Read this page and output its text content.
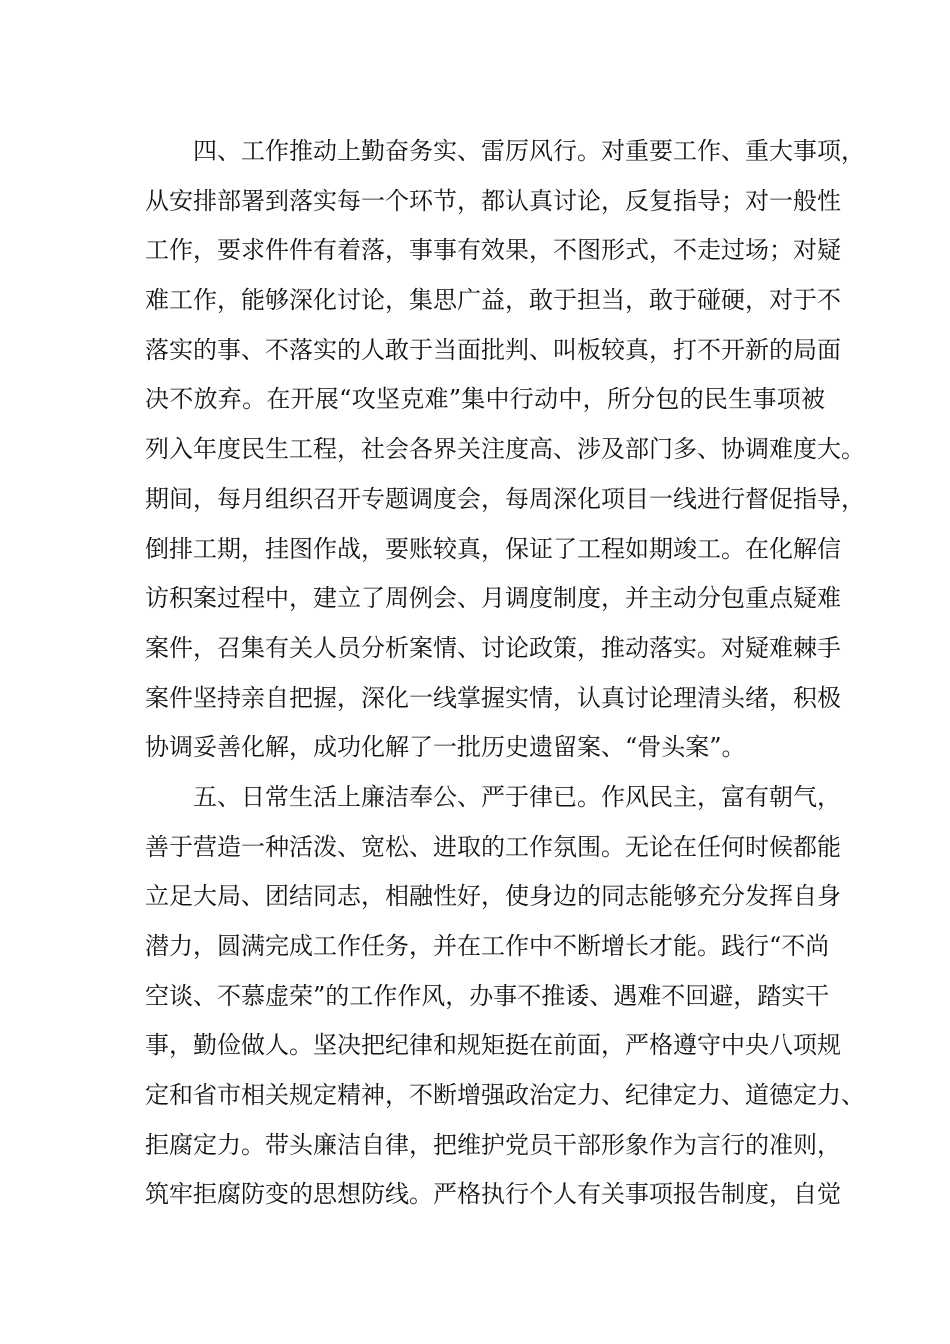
四、工作推动上勤奋务实、雷厉风行。对重要工作、重大事项，
从安排部署到落实每一个环节，都认真讨论，反复指导；对一般性
工作，要求件件有着落，事事有效果，不图形式，不走过场；对疑
难工作，能够深化讨论，集思广益，敢于担当，敢于碰硬，对于不
落实的事、不落实的人敢于当面批判、叫板较真，打不开新的局面
决不放弃。在开展“攻坚克难”集中行动中，所分包的民生事项被
列入年度民生工程，社会各界关注度高、涉及部门多、协调难度大。
期间，每月组织召开专题调度会，每周深化项目一线进行督促指导，
倒排工期，挂图作战，要账较真，保证了工程如期竣工。在化解信
访积案过程中，建立了周例会、月调度制度，并主动分包重点疑难
案件，召集有关人员分析案情、讨论政策，推动落实。对疑难棘手
案件坚持亲自把握，深化一线掌握实情，认真讨论理清头绪，积极
协调妥善化解，成功化解了一批历史遗留案、“骨头案”。
五、日常生活上廉洁奉公、严于律已。作风民主，富有朝气，
善于营造一种活泼、宽松、进取的工作氛围。无论在任何时候都能
立足大局、团结同志，相融性好，使身边的同志能够充分发挥自身
潜力，圆满完成工作任务，并在工作中不断增长才能。践行“不尚
空谈、不慕虚荣”的工作作风，办事不推诿、遇难不回避，踏实干
事，勤俭做人。坚决把纪律和规矩挺在前面，严格遵守中央八项规
定和省市相关规定精神，不断增强政治定力、纪律定力、道德定力、
拒腐定力。带头廉洁自律，把维护党员干部形象作为言行的准则，
筑牢拒腐防变的思想防线。严格执行个人有关事项报告制度，自觉
